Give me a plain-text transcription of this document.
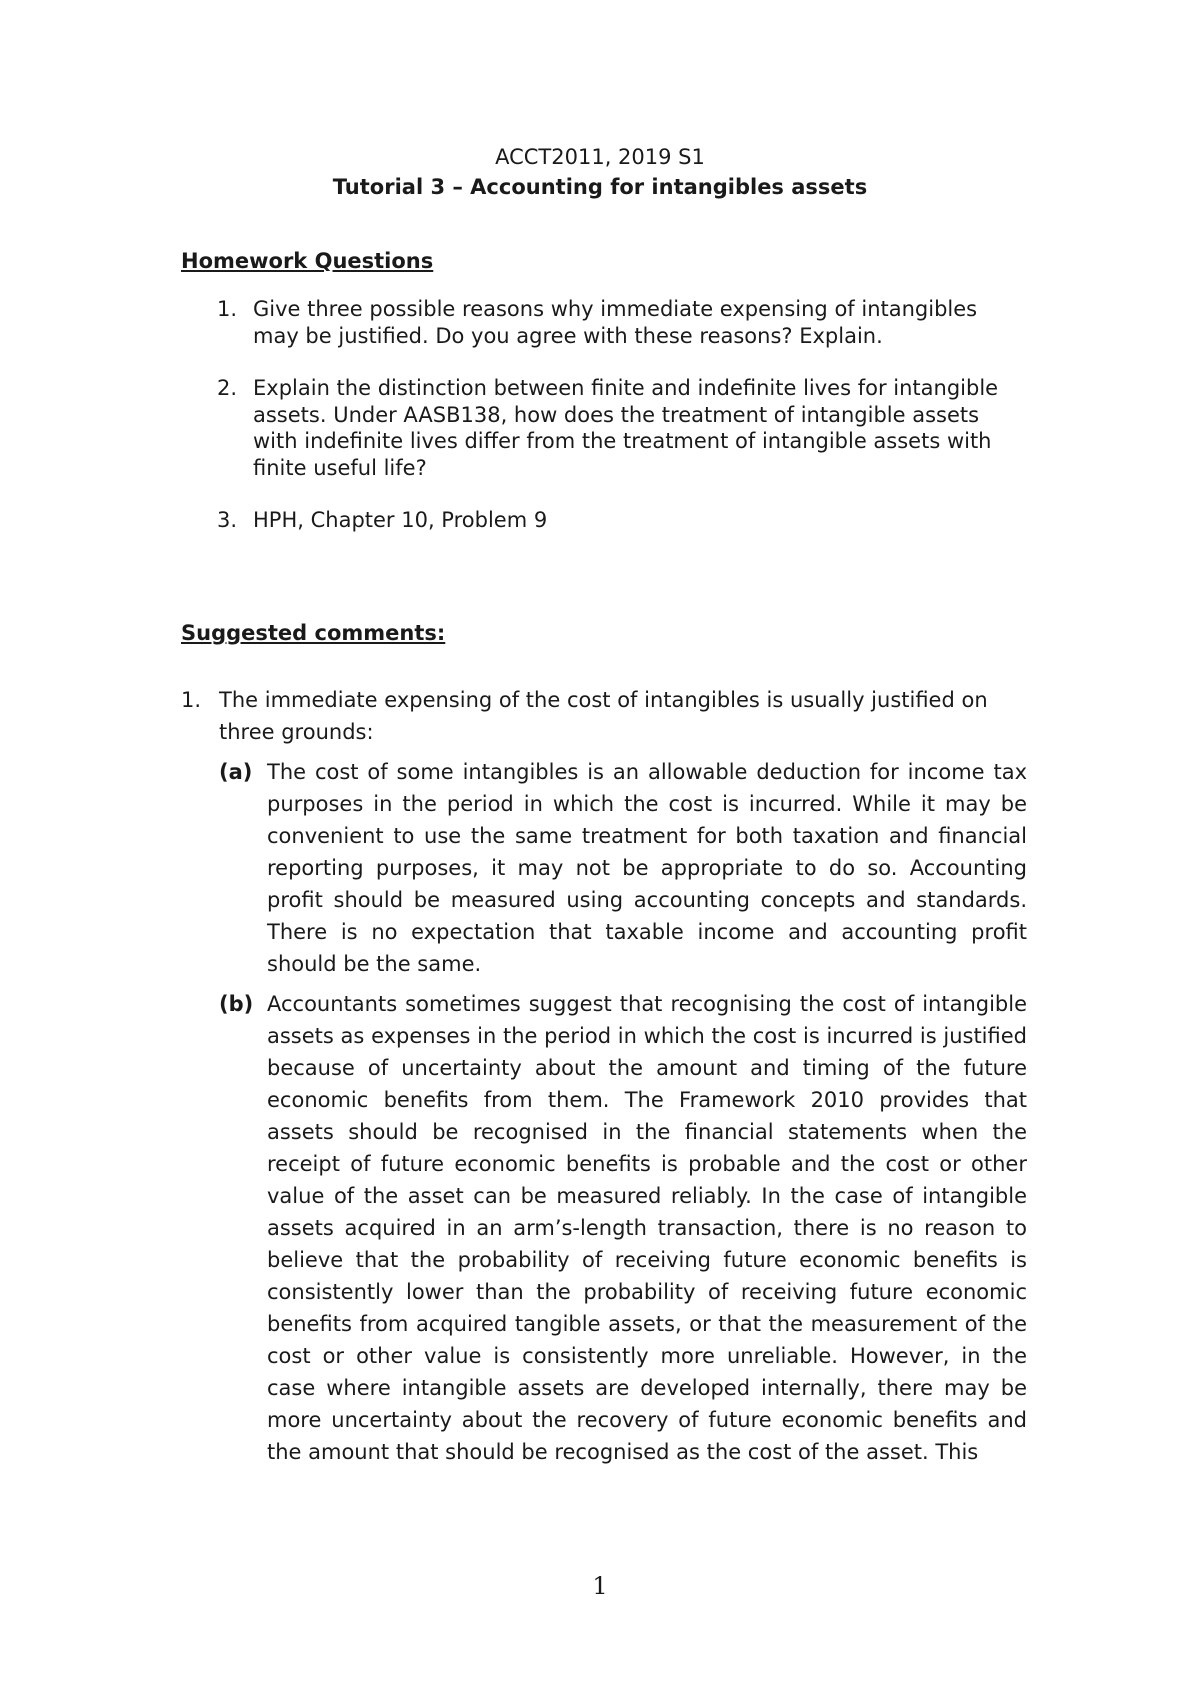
ACCT2011, 2019 S1
Tutorial 3 – Accounting for intangibles assets
Homework Questions
1. Give three possible reasons why immediate expensing of intangibles may be justified. Do you agree with these reasons? Explain.
2. Explain the distinction between finite and indefinite lives for intangible assets. Under AASB138, how does the treatment of intangible assets with indefinite lives differ from the treatment of intangible assets with finite useful life?
3. HPH, Chapter 10, Problem 9
Suggested comments:
1. The immediate expensing of the cost of intangibles is usually justified on three grounds:
(a) The cost of some intangibles is an allowable deduction for income tax purposes in the period in which the cost is incurred. While it may be convenient to use the same treatment for both taxation and financial reporting purposes, it may not be appropriate to do so. Accounting profit should be measured using accounting concepts and standards. There is no expectation that taxable income and accounting profit should be the same.
(b) Accountants sometimes suggest that recognising the cost of intangible assets as expenses in the period in which the cost is incurred is justified because of uncertainty about the amount and timing of the future economic benefits from them. The Framework 2010 provides that assets should be recognised in the financial statements when the receipt of future economic benefits is probable and the cost or other value of the asset can be measured reliably. In the case of intangible assets acquired in an arm’s-length transaction, there is no reason to believe that the probability of receiving future economic benefits is consistently lower than the probability of receiving future economic benefits from acquired tangible assets, or that the measurement of the cost or other value is consistently more unreliable. However, in the case where intangible assets are developed internally, there may be more uncertainty about the recovery of future economic benefits and the amount that should be recognised as the cost of the asset. This
1
